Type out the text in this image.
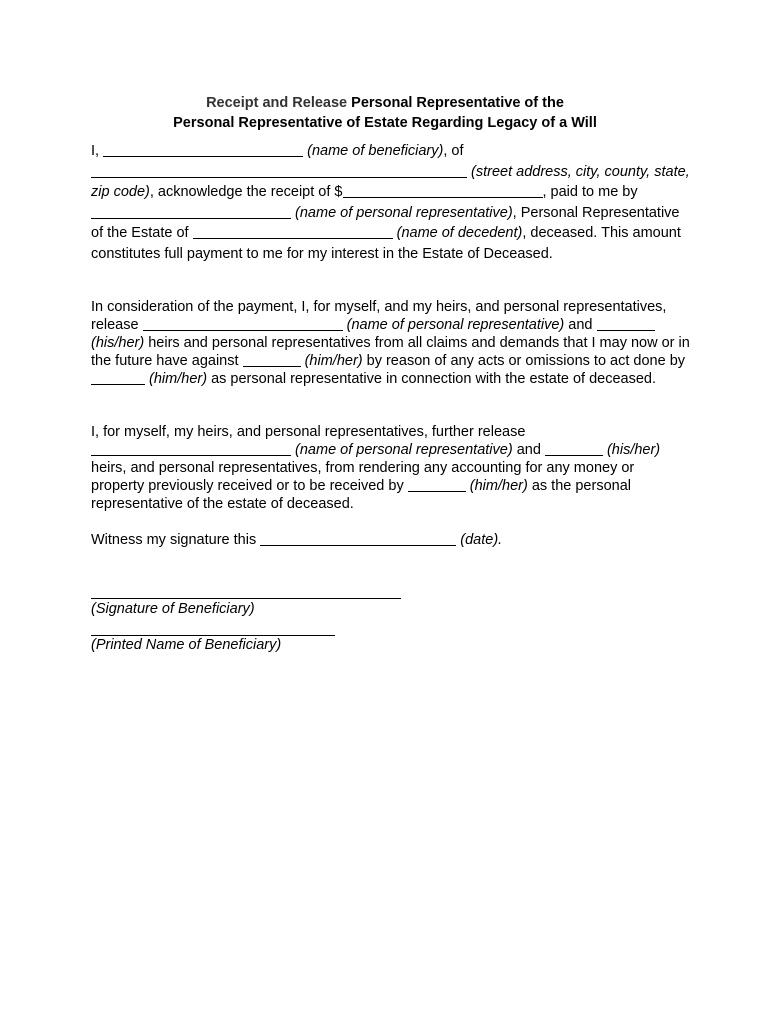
Receipt and Release Personal Representative of the
Personal Representative of Estate Regarding Legacy of a Will
I,	(name of beneficiary), of  (street address, city, county, state, zip code), acknowledge the receipt of $	, paid to me by  (name of personal representative), Personal Representative of the Estate of	(name of decedent), deceased. This amount constitutes full payment to me for my interest in the Estate of Deceased.
In consideration of the payment, I, for myself, and my heirs, and personal representatives, release	(name of personal representative) and  (his/her) heirs and personal representatives from all claims and demands that I may now or in the future have against	(him/her) by reason of any acts or omissions to act done by  (him/her) as personal representative in connection with the estate of deceased.
I, for myself, my heirs, and personal representatives, further release  (name of personal representative) and	(his/her) heirs, and personal representatives, from rendering any accounting for any money or property previously received or to be received by	(him/her) as the personal representative of the estate of deceased.
Witness my signature this	(date).
(Signature of Beneficiary)
(Printed Name of Beneficiary)
